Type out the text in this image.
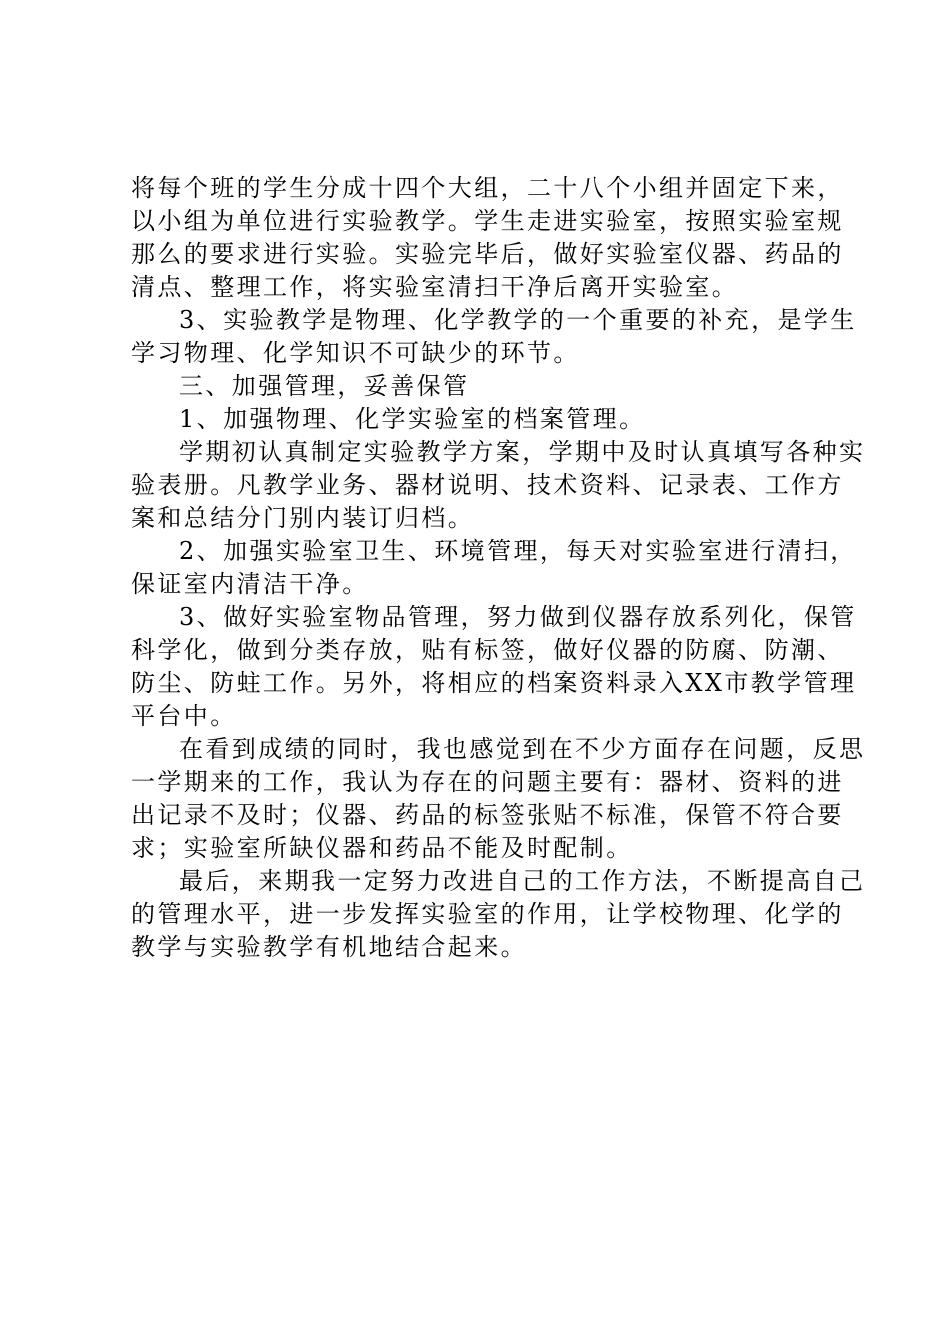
将每个班的学生分成十四个大组，二十八个小组并固定下来，
以小组为单位进行实验教学。学生走进实验室，按照实验室规
那么的要求进行实验。实验完毕后，做好实验室仪器、药品的
清点、整理工作，将实验室清扫干净后离开实验室。
3、实验教学是物理、化学教学的一个重要的补充，是学生
学习物理、化学知识不可缺少的环节。
三、加强管理，妥善保管
1、加强物理、化学实验室的档案管理。
学期初认真制定实验教学方案，学期中及时认真填写各种实
验表册。凡教学业务、器材说明、技术资料、记录表、工作方
案和总结分门别内装订归档。
2、加强实验室卫生、环境管理，每天对实验室进行清扫，
保证室内清洁干净。
3、做好实验室物品管理，努力做到仪器存放系列化，保管
科学化，做到分类存放，贴有标签，做好仪器的防腐、防潮、
防尘、防蛀工作。另外，将相应的档案资料录入XX市教学管理
平台中。
在看到成绩的同时，我也感觉到在不少方面存在问题，反思
一学期来的工作，我认为存在的问题主要有：器材、资料的进
出记录不及时；仪器、药品的标签张贴不标准，保管不符合要
求；实验室所缺仪器和药品不能及时配制。
最后，来期我一定努力改进自己的工作方法，不断提高自己
的管理水平，进一步发挥实验室的作用，让学校物理、化学的
教学与实验教学有机地结合起来。
